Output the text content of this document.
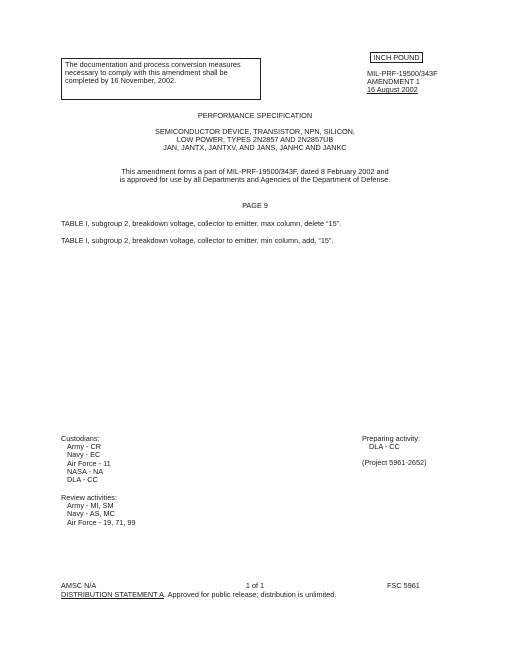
The documentation and process conversion measures
necessary to comply with this amendment shall be
completed by 16 November, 2002.
INCH POUND
MIL-PRF-19500/343F
AMENDMENT 1
16 August 2002
PERFORMANCE SPECIFICATION
SEMICONDUCTOR DEVICE, TRANSISTOR, NPN, SILICON,
LOW POWER, TYPES 2N2857 AND 2N2857UB
JAN, JANTX, JANTXV, AND JANS, JANHC AND JANKC
This amendment forms a part of MIL-PRF-19500/343F, dated 8 February 2002 and
is approved for use by all Departments and Agencies of the Department of Defense.
PAGE 9
TABLE I, subgroup 2, breakdown voltage, collector to emitter, max column, delete “15”.
TABLE I, subgroup 2, breakdown voltage, collector to emitter, min column, add, “15”.
Custodians:
Army - CR
Navy - EC
Air Force - 11
NASA - NA
DLA - CC
Review activities:
Army - MI, SM
Navy - AS, MC
Air Force - 19, 71, 99
Preparing activity:
DLA - CC
(Project 5961-2652)
AMSC N/A	1 of 1	FSC 5961
DISTRIBUTION STATEMENT A. Approved for public release; distribution is unlimited.
